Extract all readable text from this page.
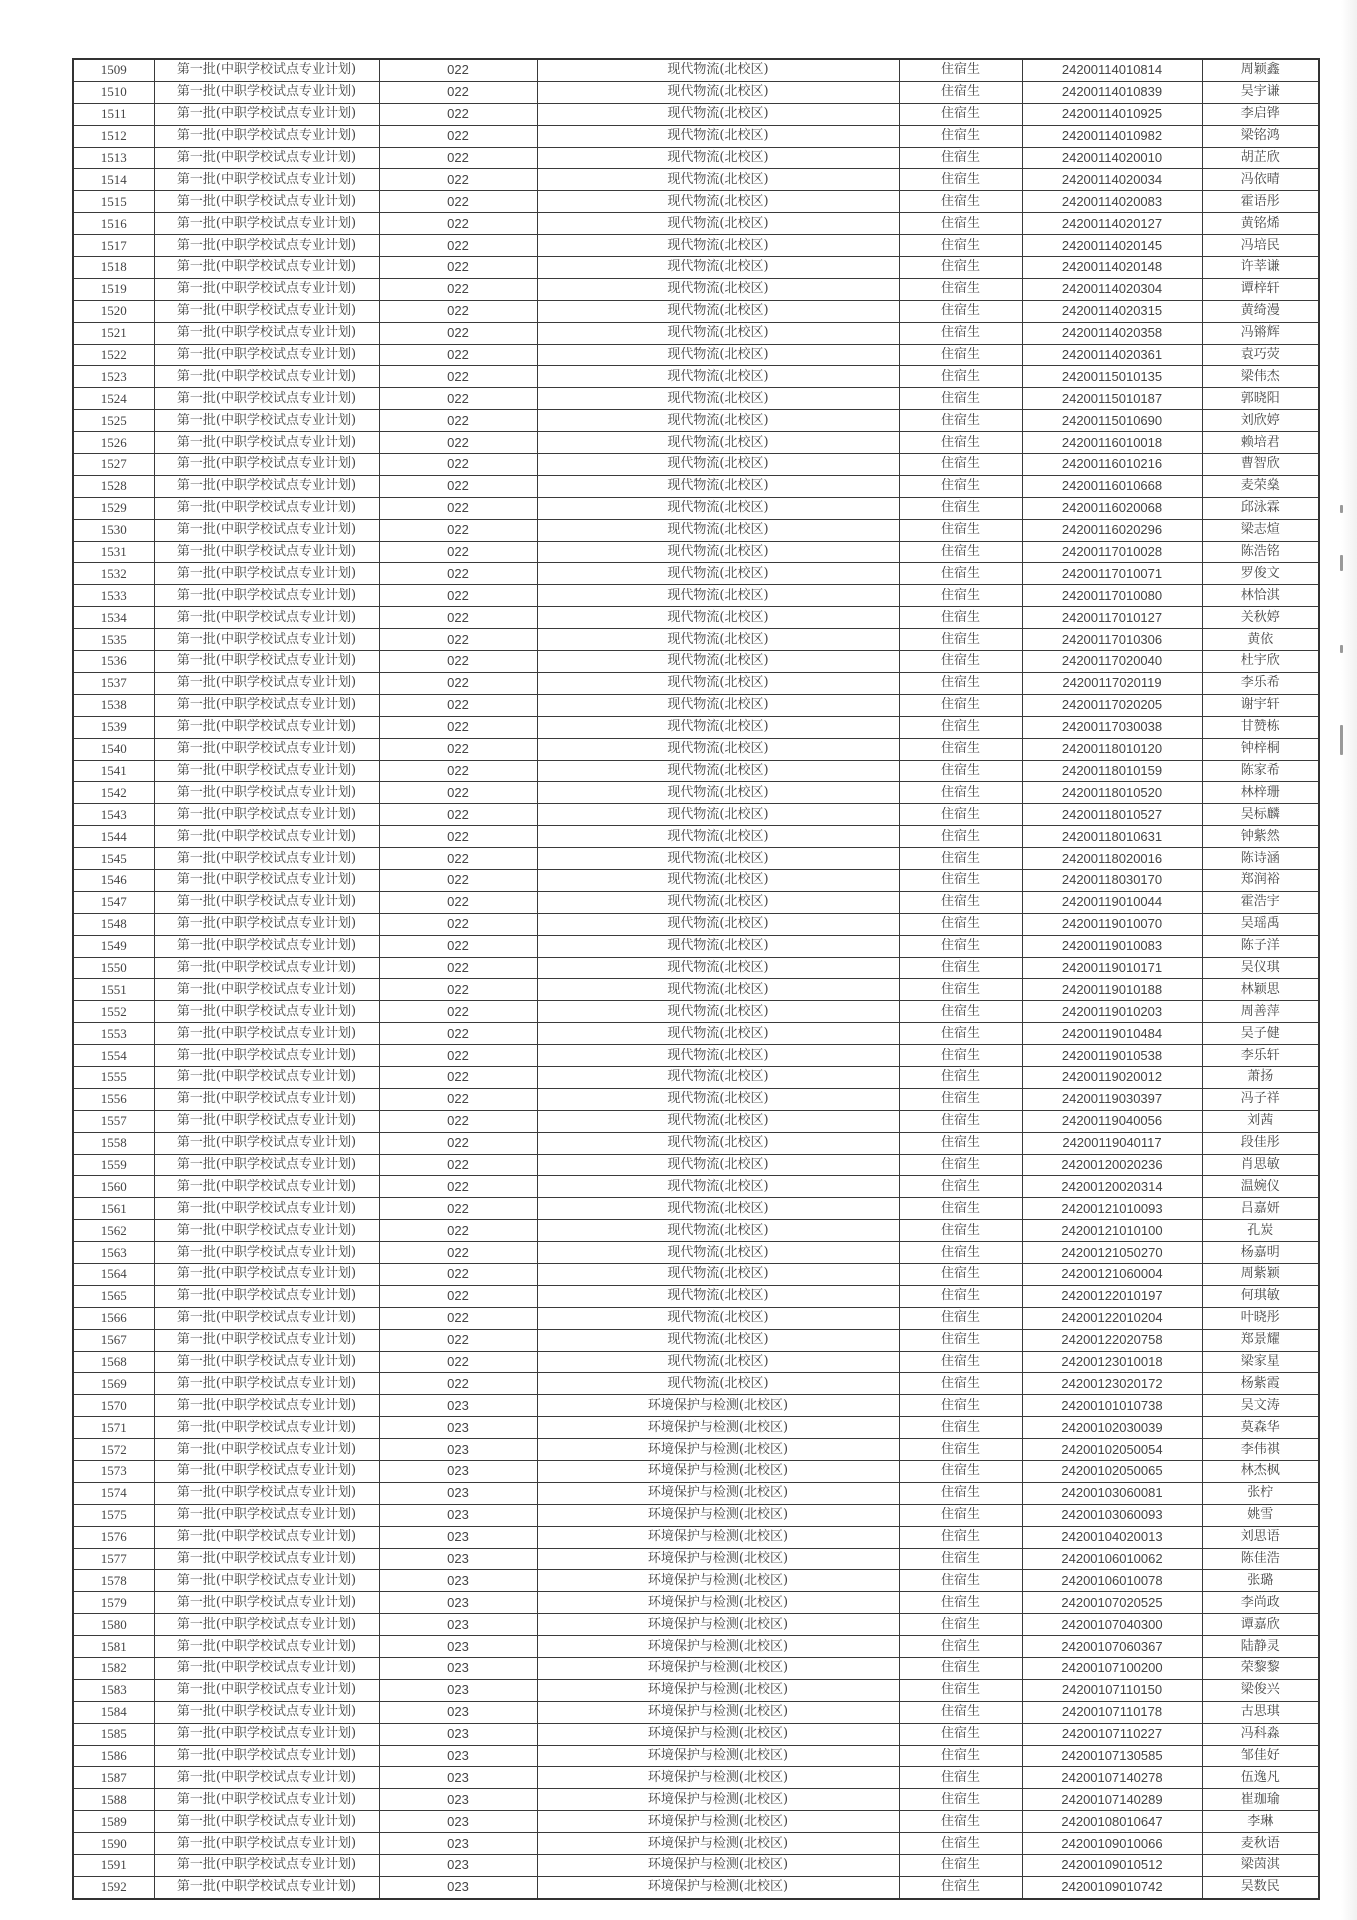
1509	第一批(中职学校试点专业计划)	022	现代物流(北校区)	住宿生	24200114010814	周颖鑫
1510	第一批(中职学校试点专业计划)	022	现代物流(北校区)	住宿生	24200114010839	吴宇谦
1511	第一批(中职学校试点专业计划)	022	现代物流(北校区)	住宿生	24200114010925	李启铧
1512	第一批(中职学校试点专业计划)	022	现代物流(北校区)	住宿生	24200114010982	梁铭鸿
1513	第一批(中职学校试点专业计划)	022	现代物流(北校区)	住宿生	24200114020010	胡芷欣
1514	第一批(中职学校试点专业计划)	022	现代物流(北校区)	住宿生	24200114020034	冯依晴
1515	第一批(中职学校试点专业计划)	022	现代物流(北校区)	住宿生	24200114020083	霍语彤
1516	第一批(中职学校试点专业计划)	022	现代物流(北校区)	住宿生	24200114020127	黄铭烯
1517	第一批(中职学校试点专业计划)	022	现代物流(北校区)	住宿生	24200114020145	冯培民
1518	第一批(中职学校试点专业计划)	022	现代物流(北校区)	住宿生	24200114020148	许莘谦
1519	第一批(中职学校试点专业计划)	022	现代物流(北校区)	住宿生	24200114020304	谭梓轩
1520	第一批(中职学校试点专业计划)	022	现代物流(北校区)	住宿生	24200114020315	黄绮漫
1521	第一批(中职学校试点专业计划)	022	现代物流(北校区)	住宿生	24200114020358	冯锵辉
1522	第一批(中职学校试点专业计划)	022	现代物流(北校区)	住宿生	24200114020361	袁巧荧
1523	第一批(中职学校试点专业计划)	022	现代物流(北校区)	住宿生	24200115010135	梁伟杰
1524	第一批(中职学校试点专业计划)	022	现代物流(北校区)	住宿生	24200115010187	郭晓阳
1525	第一批(中职学校试点专业计划)	022	现代物流(北校区)	住宿生	24200115010690	刘欣婷
1526	第一批(中职学校试点专业计划)	022	现代物流(北校区)	住宿生	24200116010018	赖培君
1527	第一批(中职学校试点专业计划)	022	现代物流(北校区)	住宿生	24200116010216	曹智欣
1528	第一批(中职学校试点专业计划)	022	现代物流(北校区)	住宿生	24200116010668	麦荣燊
1529	第一批(中职学校试点专业计划)	022	现代物流(北校区)	住宿生	24200116020068	邱泳霖
1530	第一批(中职学校试点专业计划)	022	现代物流(北校区)	住宿生	24200116020296	梁志煊
1531	第一批(中职学校试点专业计划)	022	现代物流(北校区)	住宿生	24200117010028	陈浩铭
1532	第一批(中职学校试点专业计划)	022	现代物流(北校区)	住宿生	24200117010071	罗俊文
1533	第一批(中职学校试点专业计划)	022	现代物流(北校区)	住宿生	24200117010080	林恰淇
1534	第一批(中职学校试点专业计划)	022	现代物流(北校区)	住宿生	24200117010127	关秋婷
1535	第一批(中职学校试点专业计划)	022	现代物流(北校区)	住宿生	24200117010306	黄依
1536	第一批(中职学校试点专业计划)	022	现代物流(北校区)	住宿生	24200117020040	杜宇欣
1537	第一批(中职学校试点专业计划)	022	现代物流(北校区)	住宿生	24200117020119	李乐希
1538	第一批(中职学校试点专业计划)	022	现代物流(北校区)	住宿生	24200117020205	谢宇轩
1539	第一批(中职学校试点专业计划)	022	现代物流(北校区)	住宿生	24200117030038	甘赞栋
1540	第一批(中职学校试点专业计划)	022	现代物流(北校区)	住宿生	24200118010120	钟梓桐
1541	第一批(中职学校试点专业计划)	022	现代物流(北校区)	住宿生	24200118010159	陈家希
1542	第一批(中职学校试点专业计划)	022	现代物流(北校区)	住宿生	24200118010520	林梓珊
1543	第一批(中职学校试点专业计划)	022	现代物流(北校区)	住宿生	24200118010527	吴标麟
1544	第一批(中职学校试点专业计划)	022	现代物流(北校区)	住宿生	24200118010631	钟紫然
1545	第一批(中职学校试点专业计划)	022	现代物流(北校区)	住宿生	24200118020016	陈诗涵
1546	第一批(中职学校试点专业计划)	022	现代物流(北校区)	住宿生	24200118030170	郑润裕
1547	第一批(中职学校试点专业计划)	022	现代物流(北校区)	住宿生	24200119010044	霍浩宇
1548	第一批(中职学校试点专业计划)	022	现代物流(北校区)	住宿生	24200119010070	吴瑶禹
1549	第一批(中职学校试点专业计划)	022	现代物流(北校区)	住宿生	24200119010083	陈子洋
1550	第一批(中职学校试点专业计划)	022	现代物流(北校区)	住宿生	24200119010171	吴仪琪
1551	第一批(中职学校试点专业计划)	022	现代物流(北校区)	住宿生	24200119010188	林颖思
1552	第一批(中职学校试点专业计划)	022	现代物流(北校区)	住宿生	24200119010203	周善萍
1553	第一批(中职学校试点专业计划)	022	现代物流(北校区)	住宿生	24200119010484	吴子健
1554	第一批(中职学校试点专业计划)	022	现代物流(北校区)	住宿生	24200119010538	李乐轩
1555	第一批(中职学校试点专业计划)	022	现代物流(北校区)	住宿生	24200119020012	萧扬
1556	第一批(中职学校试点专业计划)	022	现代物流(北校区)	住宿生	24200119030397	冯子祥
1557	第一批(中职学校试点专业计划)	022	现代物流(北校区)	住宿生	24200119040056	刘茜
1558	第一批(中职学校试点专业计划)	022	现代物流(北校区)	住宿生	24200119040117	段佳彤
1559	第一批(中职学校试点专业计划)	022	现代物流(北校区)	住宿生	24200120020236	肖思敏
1560	第一批(中职学校试点专业计划)	022	现代物流(北校区)	住宿生	24200120020314	温婉仪
1561	第一批(中职学校试点专业计划)	022	现代物流(北校区)	住宿生	24200121010093	吕嘉妍
1562	第一批(中职学校试点专业计划)	022	现代物流(北校区)	住宿生	24200121010100	孔炭
1563	第一批(中职学校试点专业计划)	022	现代物流(北校区)	住宿生	24200121050270	杨嘉明
1564	第一批(中职学校试点专业计划)	022	现代物流(北校区)	住宿生	24200121060004	周紫颖
1565	第一批(中职学校试点专业计划)	022	现代物流(北校区)	住宿生	24200122010197	何琪敏
1566	第一批(中职学校试点专业计划)	022	现代物流(北校区)	住宿生	24200122010204	叶晓彤
1567	第一批(中职学校试点专业计划)	022	现代物流(北校区)	住宿生	24200122020758	郑景耀
1568	第一批(中职学校试点专业计划)	022	现代物流(北校区)	住宿生	24200123010018	梁家星
1569	第一批(中职学校试点专业计划)	022	现代物流(北校区)	住宿生	24200123020172	杨紫霞
1570	第一批(中职学校试点专业计划)	023	环境保护与检测(北校区)	住宿生	24200101010738	吴文涛
1571	第一批(中职学校试点专业计划)	023	环境保护与检测(北校区)	住宿生	24200102030039	莫森华
1572	第一批(中职学校试点专业计划)	023	环境保护与检测(北校区)	住宿生	24200102050054	李伟祺
1573	第一批(中职学校试点专业计划)	023	环境保护与检测(北校区)	住宿生	24200102050065	林杰枫
1574	第一批(中职学校试点专业计划)	023	环境保护与检测(北校区)	住宿生	24200103060081	张柠
1575	第一批(中职学校试点专业计划)	023	环境保护与检测(北校区)	住宿生	24200103060093	姚雪
1576	第一批(中职学校试点专业计划)	023	环境保护与检测(北校区)	住宿生	24200104020013	刘思语
1577	第一批(中职学校试点专业计划)	023	环境保护与检测(北校区)	住宿生	24200106010062	陈佳浩
1578	第一批(中职学校试点专业计划)	023	环境保护与检测(北校区)	住宿生	24200106010078	张璐
1579	第一批(中职学校试点专业计划)	023	环境保护与检测(北校区)	住宿生	24200107020525	李尚政
1580	第一批(中职学校试点专业计划)	023	环境保护与检测(北校区)	住宿生	24200107040300	谭嘉欣
1581	第一批(中职学校试点专业计划)	023	环境保护与检测(北校区)	住宿生	24200107060367	陆静灵
1582	第一批(中职学校试点专业计划)	023	环境保护与检测(北校区)	住宿生	24200107100200	荣黎黎
1583	第一批(中职学校试点专业计划)	023	环境保护与检测(北校区)	住宿生	24200107110150	梁俊兴
1584	第一批(中职学校试点专业计划)	023	环境保护与检测(北校区)	住宿生	24200107110178	古思琪
1585	第一批(中职学校试点专业计划)	023	环境保护与检测(北校区)	住宿生	24200107110227	冯科淼
1586	第一批(中职学校试点专业计划)	023	环境保护与检测(北校区)	住宿生	24200107130585	邹佳好
1587	第一批(中职学校试点专业计划)	023	环境保护与检测(北校区)	住宿生	24200107140278	伍逸凡
1588	第一批(中职学校试点专业计划)	023	环境保护与检测(北校区)	住宿生	24200107140289	崔珈瑜
1589	第一批(中职学校试点专业计划)	023	环境保护与检测(北校区)	住宿生	24200108010647	李琳
1590	第一批(中职学校试点专业计划)	023	环境保护与检测(北校区)	住宿生	24200109010066	麦秋语
1591	第一批(中职学校试点专业计划)	023	环境保护与检测(北校区)	住宿生	24200109010512	梁茵淇
1592	第一批(中职学校试点专业计划)	023	环境保护与检测(北校区)	住宿生	24200109010742	吴数民
